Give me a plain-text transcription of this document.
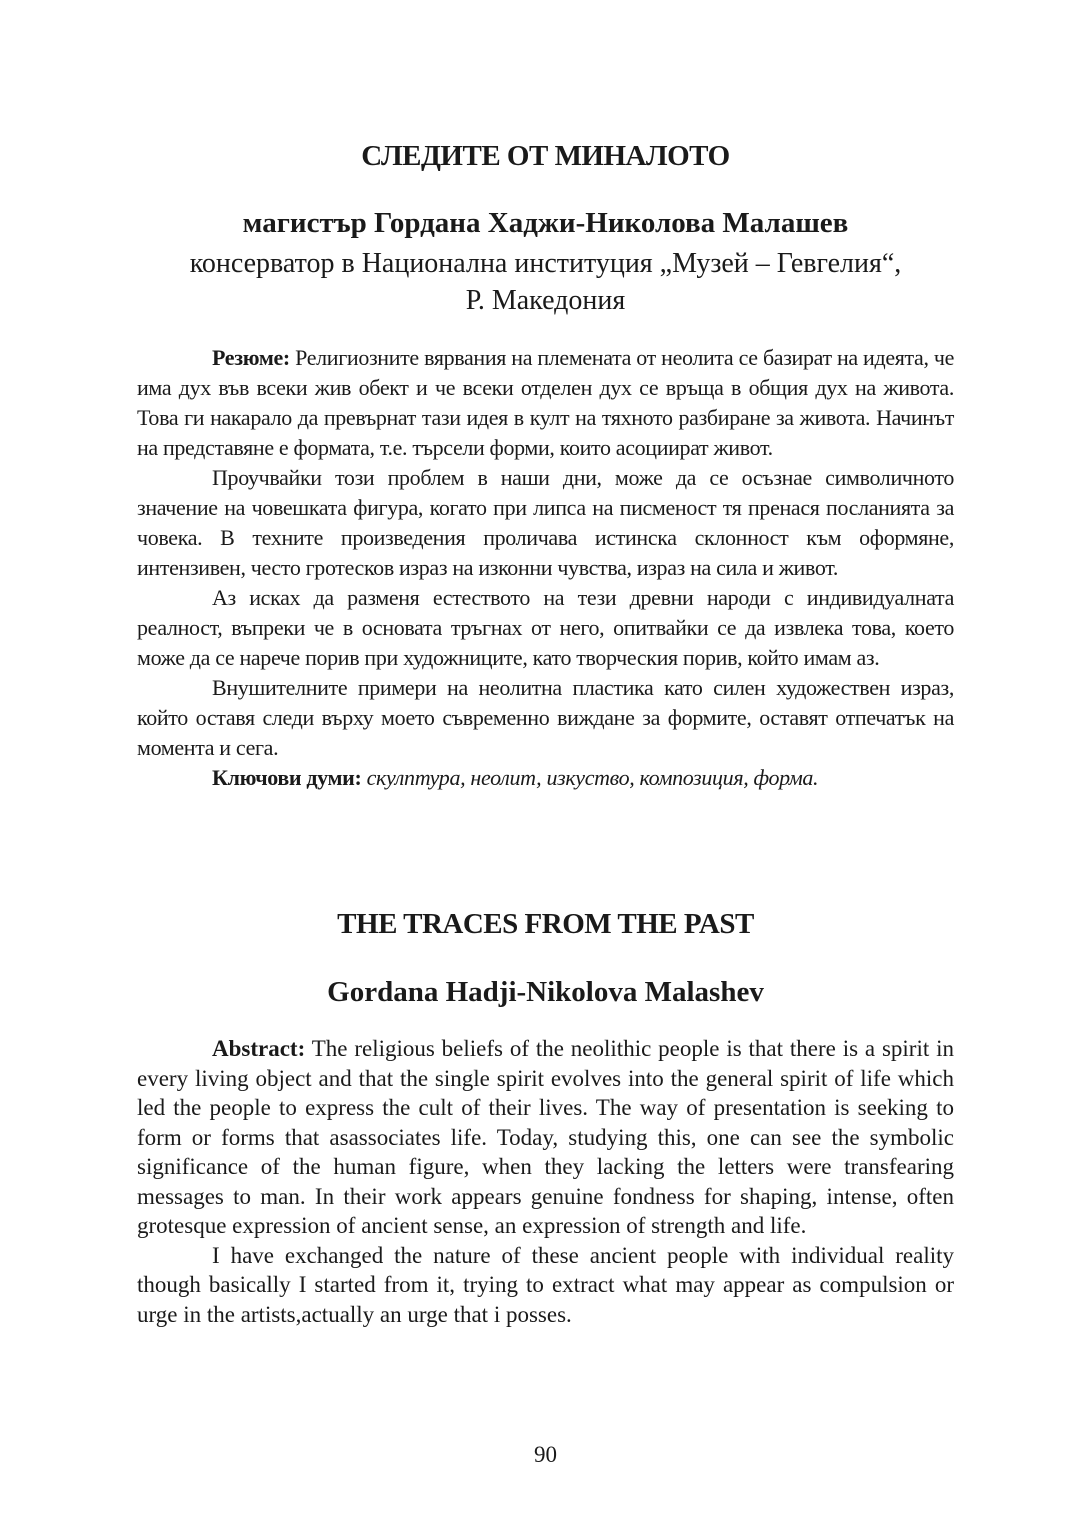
СЛЕДИТЕ ОТ МИНАЛОТО
магистър Гордана Хаджи-Николова Малашев

консерватор в Национална институция „Музей – Гевгелия“,

Р. Македония

Резюме: Религиозните вярвания на племената от неолита се базират на идеята, че има дух във всеки жив обект и че всеки отделен дух се връща в общия дух на живота. Това ги накарало да превърнат тази идея в култ на тяхното разбиране за живота. Начинът на представяне е формата, т.е. търсели форми, които асоциират живот.

Проучвайки този проблем в наши дни, може да се осъзнае символичното значение на човешката фигура, когато при липса на писменост тя пренася посланията за човека. В техните произведения проличава истинска склонност към оформяне, интензивен, често гротесков израз на изконни чувства, израз на сила и живот.

Аз исках да разменя естеството на тези древни народи с индивидуалната реалност, въпреки че в основата тръгнах от него, опитвайки се да извлека това, което може да се нарече порив при художниците, като творческия порив, който имам аз.

Внушителните примери на неолитна пластика като силен художествен израз, който оставя следи върху моето съвременно виждане за формите, оставят отпечатък на момента и сега.

Ключови думи: скулптура, неолит, изкуство, композиция, форма.

THE TRACES FROM THE PAST
Gordana Hadji-Nikolova Malashev

Abstract: The religious beliefs of the neolithic people is that there is a spirit in every living object and that the single spirit evolves into the general spirit of life which led the people to express the cult of their lives. The way of presentation is seeking to form or forms that asassociates life. Today, studying this, one can see the symbolic significance of the human figure, when they lacking the letters were transfearing messages to man. In their work appears genuine fondness for shaping, intense, often grotesque expression of ancient sense, an expression of strength and life.

I have exchanged the nature of these ancient people with individual reality though basically I started from it, trying to extract what may appear as compulsion or urge in the artists,actually an urge that i posses.

90
